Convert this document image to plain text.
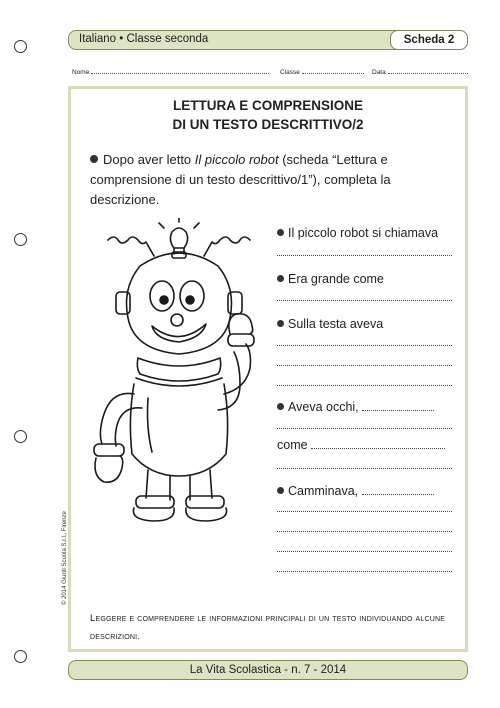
Italiano • Classe seconda	Scheda 2
Nome	Classe	Data
LETTURA E COMPRENSIONE
DI UN TESTO DESCRITTIVO/2
Dopo aver letto Il piccolo robot (scheda “Lettura e comprensione di un testo descrittivo/1”), completa la descrizione.
Il piccolo robot si chiamava
Era grande come
Sulla testa aveva
Aveva occhi,
come
Camminava,
Leggere e comprendere le informazioni principali di un testo individuando alcune descrizioni.
La Vita Scolastica - n. 7 - 2014
© 2014 Giunti Scuola S.r.l., Firenze
